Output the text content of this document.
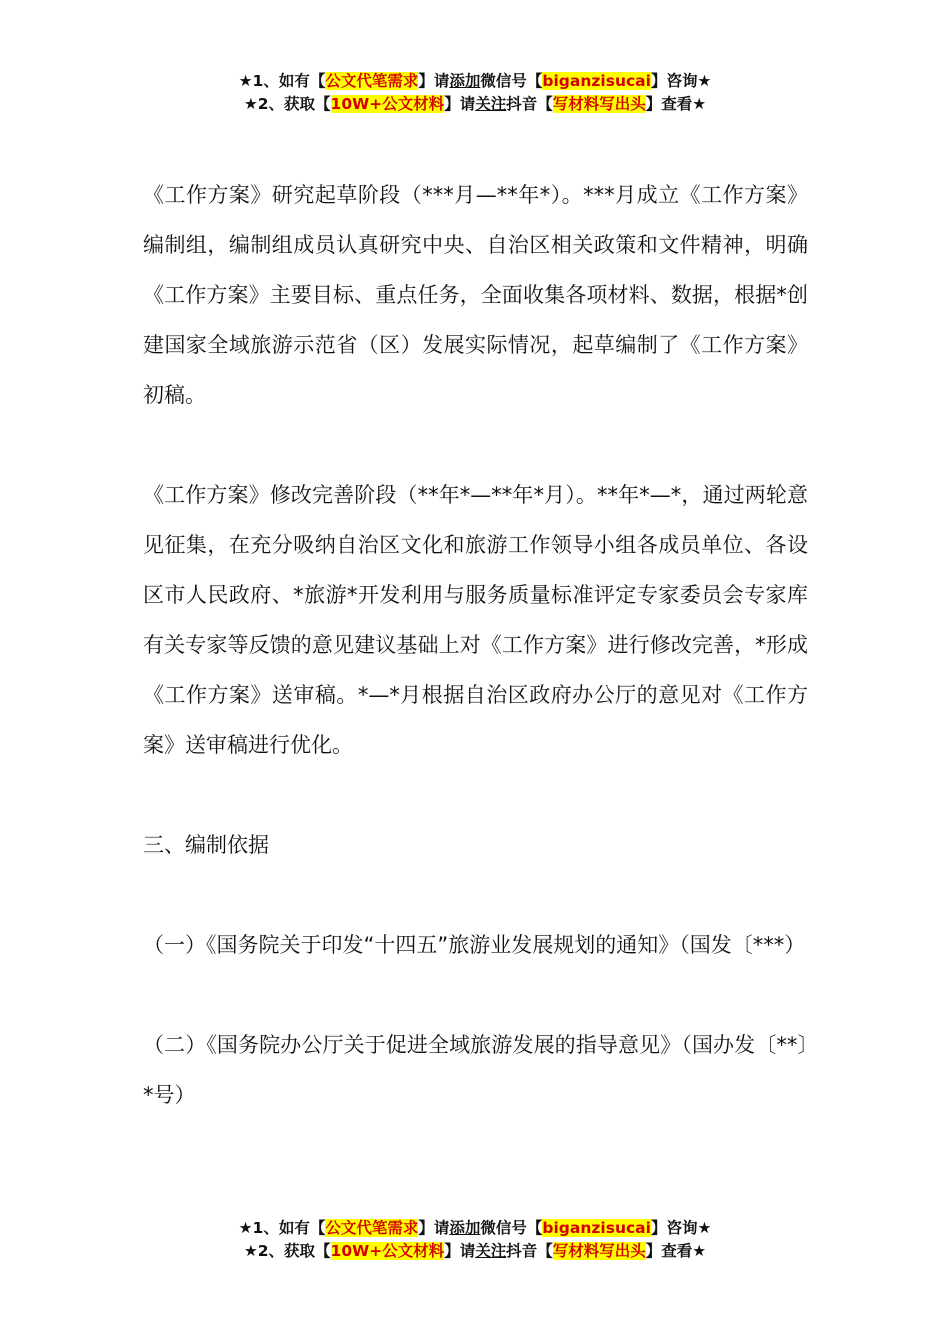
★1、如有【公文代笔需求】请添加微信号【biganzisucai】咨询★
★2、获取【10W+公文材料】请关注抖音【写材料写出头】查看★

《工作方案》研究起草阶段（***月—**年*）。***月成立《工作方案》编制组，编制组成员认真研究中央、自治区相关政策和文件精神，明确《工作方案》主要目标、重点任务，全面收集各项材料、数据，根据*创建国家全域旅游示范省（区）发展实际情况，起草编制了《工作方案》初稿。

《工作方案》修改完善阶段（**年*—**年*月）。**年*—*，通过两轮意见征集，在充分吸纳自治区文化和旅游工作领导小组各成员单位、各设区市人民政府、*旅游*开发利用与服务质量标准评定专家委员会专家库有关专家等反馈的意见建议基础上对《工作方案》进行修改完善，*形成《工作方案》送审稿。*—*月根据自治区政府办公厅的意见对《工作方案》送审稿进行优化。

三、编制依据

（一）《国务院关于印发“十四五”旅游业发展规划的通知》（国发〔***）

（二）《国务院办公厅关于促进全域旅游发展的指导意见》（国办发〔**〕*号）

★1、如有【公文代笔需求】请添加微信号【biganzisucai】咨询★
★2、获取【10W+公文材料】请关注抖音【写材料写出头】查看★
